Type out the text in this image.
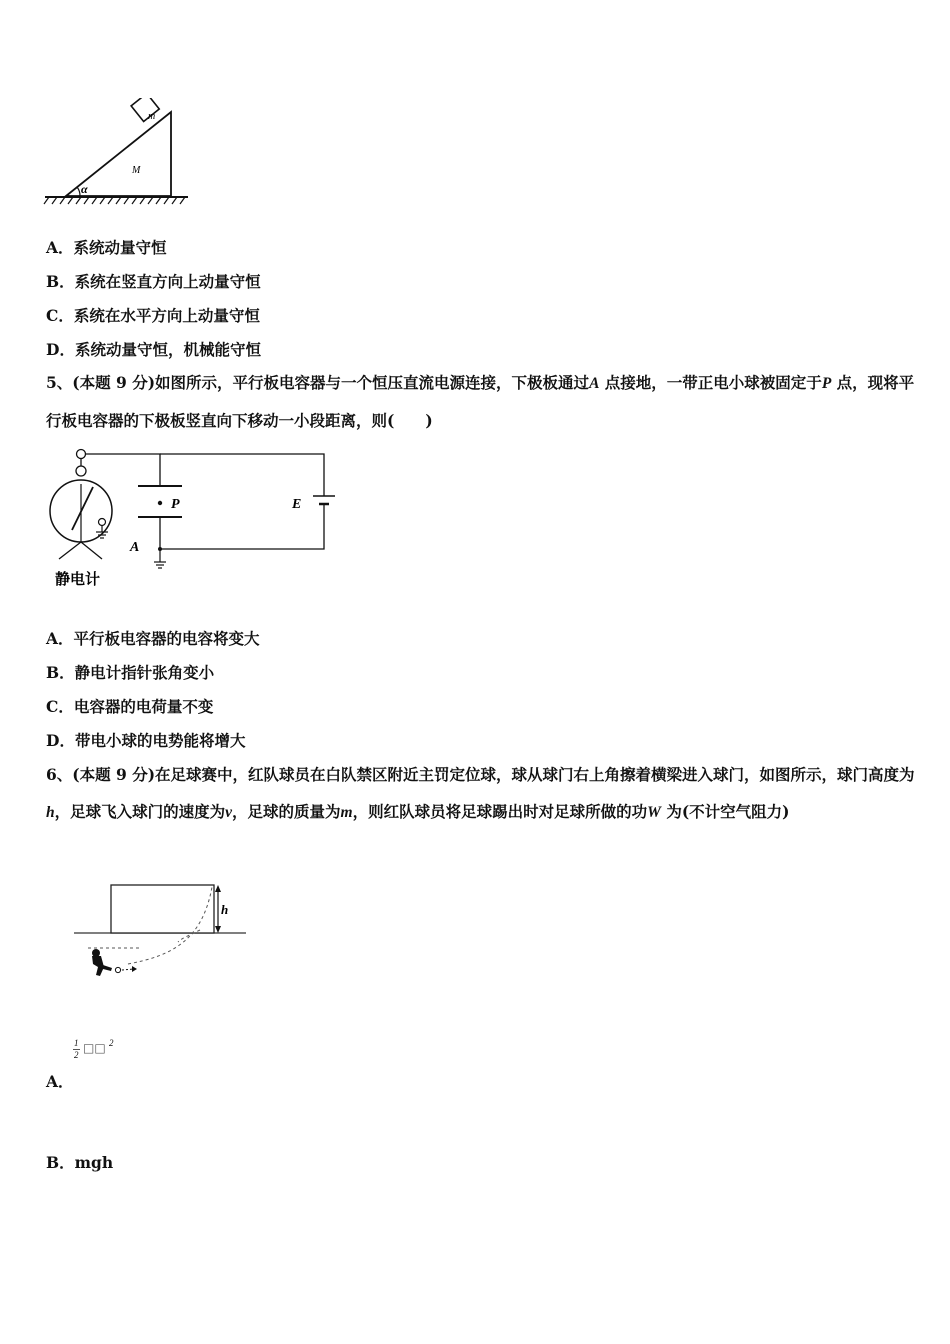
m
M
α
A．系统动量守恒
B．系统在竖直方向上动量守恒
C．系统在水平方向上动量守恒
D．系统动量守恒，机械能守恒
5、(本题 9 分)如图所示，平行板电容器与一个恒压直流电源连接，下极板通过A 点接地，一带正电小球被固定于P 点，现将平行板电容器的下极板竖直向下移动一小段距离，则(　　)
P	E
A
静电计
A．平行板电容器的电容将变大
B．静电计指针张角变小
C．电容器的电荷量不变
D．带电小球的电势能将增大
6、(本题 9 分)在足球赛中，红队球员在白队禁区附近主罚定位球，球从球门右上角擦着横梁进入球门，如图所示，球门高度为h，足球飞入球门的速度为v，足球的质量为m，则红队球员将足球踢出时对足球所做的功W 为(不计空气阻力)
h
1
2 □□ 2
A．
B．mgh
